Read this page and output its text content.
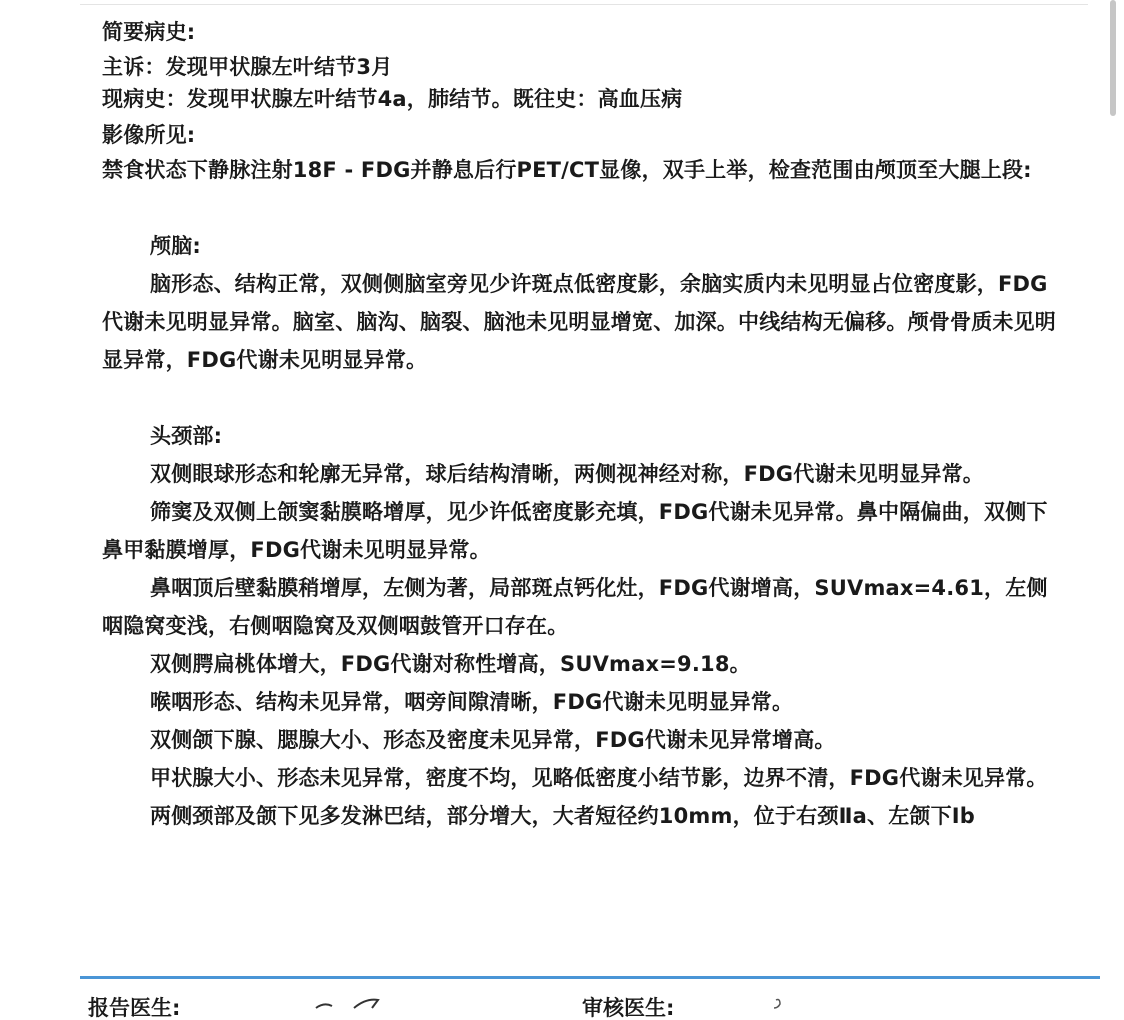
简要病史:

主诉：发现甲状腺左叶结节3月

现病史：发现甲状腺左叶结节4a，肺结节。既往史：高血压病

影像所见:

禁食状态下静脉注射18F - FDG并静息后行PET/CT显像，双手上举，检查范围由颅顶至大腿上段:

颅脑:

脑形态、结构正常，双侧侧脑室旁见少许斑点低密度影，余脑实质内未见明显占位密度影，FDG代谢未见明显异常。脑室、脑沟、脑裂、脑池未见明显增宽、加深。中线结构无偏移。颅骨骨质未见明显异常，FDG代谢未见明显异常。

头颈部:

双侧眼球形态和轮廓无异常，球后结构清晰，两侧视神经对称，FDG代谢未见明显异常。

筛窦及双侧上颌窦黏膜略增厚，见少许低密度影充填，FDG代谢未见异常。鼻中隔偏曲，双侧下鼻甲黏膜增厚，FDG代谢未见明显异常。

鼻咽顶后壁黏膜稍增厚，左侧为著，局部斑点钙化灶，FDG代谢增高，SUVmax=4.61，左侧咽隐窝变浅，右侧咽隐窝及双侧咽鼓管开口存在。

双侧腭扁桃体增大，FDG代谢对称性增高，SUVmax=9.18。

喉咽形态、结构未见异常，咽旁间隙清晰，FDG代谢未见明显异常。

双侧颌下腺、腮腺大小、形态及密度未见异常，FDG代谢未见异常增高。

甲状腺大小、形态未见异常，密度不均，见略低密度小结节影，边界不清，FDG代谢未见异常。

两侧颈部及颌下见多发淋巴结，部分增大，大者短径约10mm，位于右颈Ⅱa、左颌下Ⅰb

报告医生:	审核医生:
